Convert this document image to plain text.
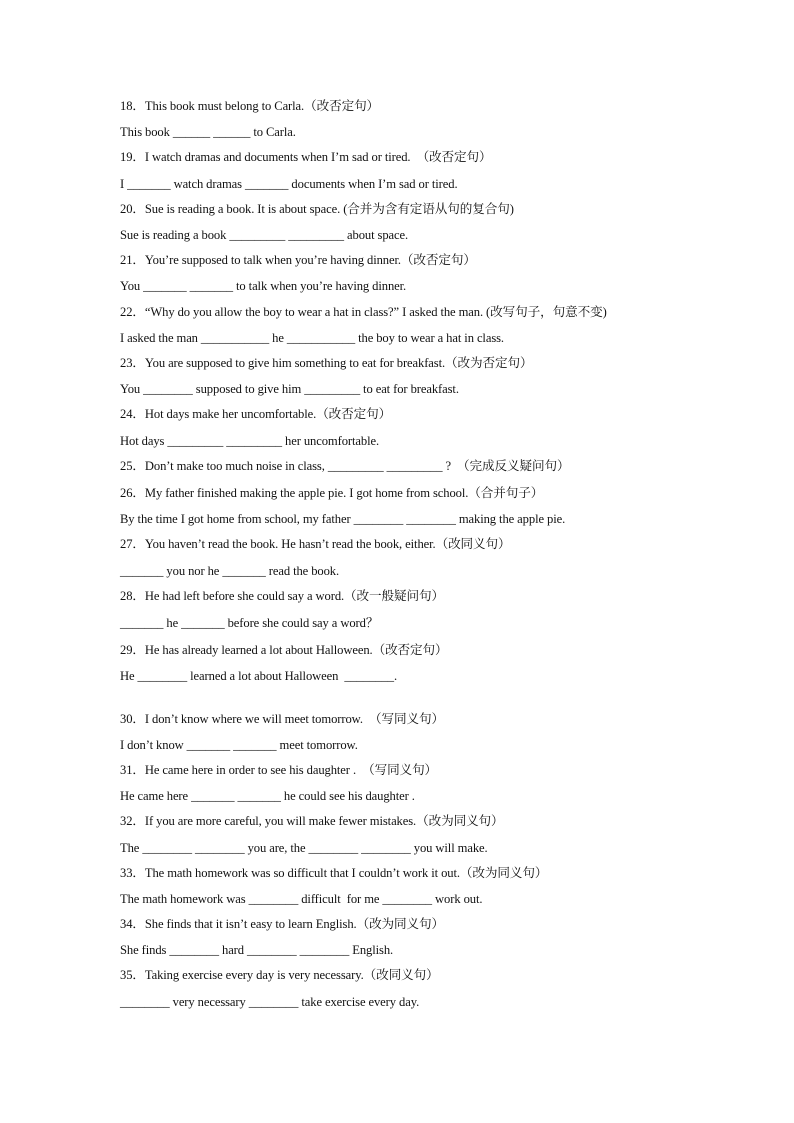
18．This book must belong to Carla.（改否定句）
This book ______ ______ to Carla.
19．I watch dramas and documents when I’m sad or tired.  （改否定句）
I _______ watch dramas _______ documents when I’m sad or tired.
20．Sue is reading a book. It is about space. (合并为含有定语从句的复合句)
Sue is reading a book _________ _________ about space.
21．You’re supposed to talk when you’re having dinner.（改否定句）
You _______ _______ to talk when you’re having dinner.
22．“Why do you allow the boy to wear a hat in class?” I asked the man. (改写句子，句意不变)
I asked the man ___________ he ___________ the boy to wear a hat in class.
23．You are supposed to give him something to eat for breakfast.（改为否定句）
You ________ supposed to give him _________ to eat for breakfast.
24．Hot days make her uncomfortable.（改否定句）
Hot days _________ _________ her uncomfortable.
25．Don’t make too much noise in class, _________ _________ ?  （完成反义疑问句）
26．My father finished making the apple pie. I got home from school.（合并句子）
By the time I got home from school, my father ________ ________ making the apple pie.
27．You haven’t read the book. He hasn’t read the book, either.（改同义句）
_______ you nor he _______ read the book.
28．He had left before she could say a word.（改一般疑问句）
_______ he _______ before she could say a word？
29．He has already learned a lot about Halloween.（改否定句）
He ________ learned a lot about Halloween  ________.
30．I don’t know where we will meet tomorrow.  （写同义句）
I don’t know _______ _______ meet tomorrow.
31．He came here in order to see his daughter .  （写同义句）
He came here _______ _______ he could see his daughter .
32．If you are more careful, you will make fewer mistakes.（改为同义句）
The ________ ________ you are, the ________ ________ you will make.
33．The math homework was so difficult that I couldn’t work it out.（改为同义句）
The math homework was ________ difficult  for me ________ work out.
34．She finds that it isn’t easy to learn English.（改为同义句）
She finds ________ hard ________ ________ English.
35．Taking exercise every day is very necessary.（改同义句）
________ very necessary ________ take exercise every day.
